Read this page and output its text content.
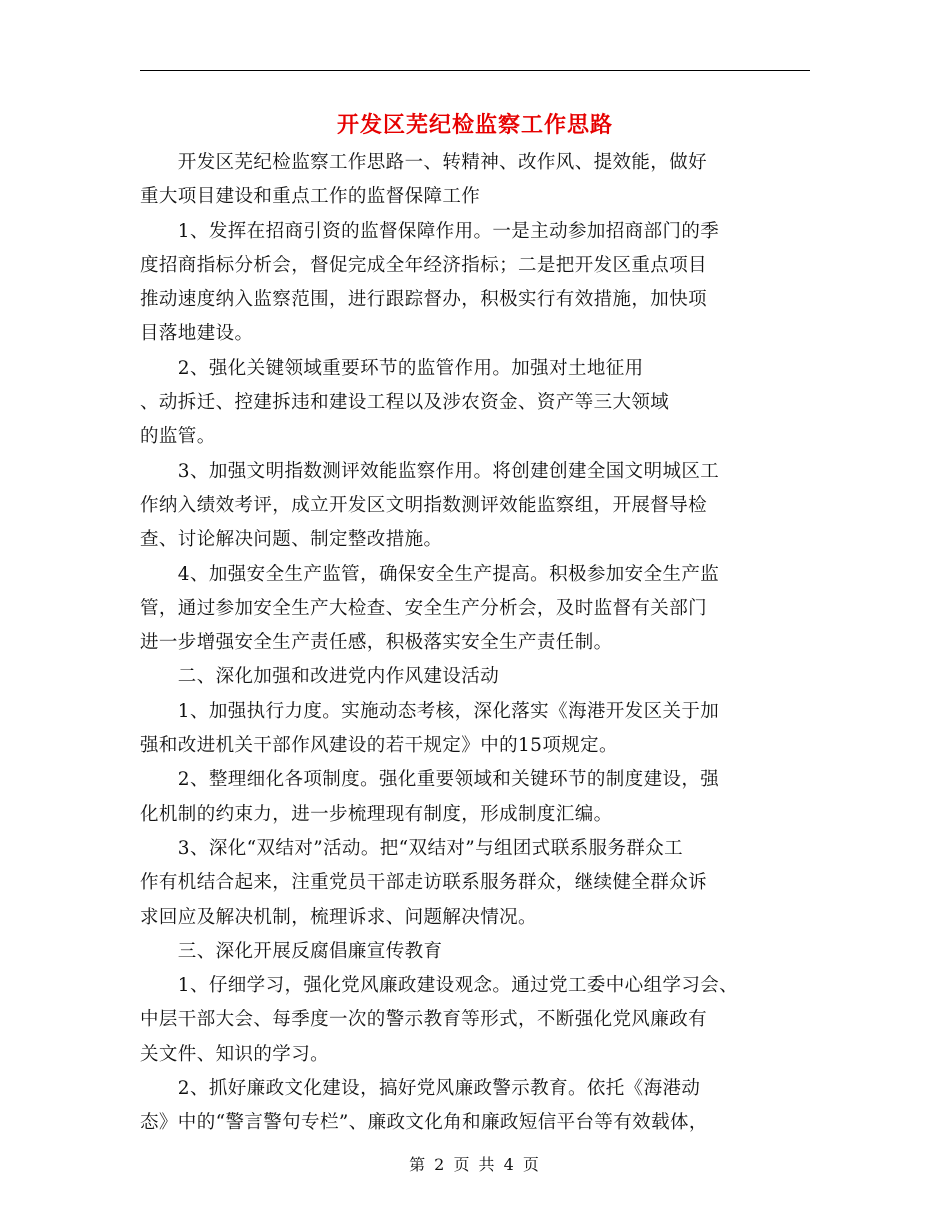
开发区芜纪检监察工作思路
　　开发区芜纪检监察工作思路一、转精神、改作风、提效能，做好
重大项目建设和重点工作的监督保障工作
　　1、发挥在招商引资的监督保障作用。一是主动参加招商部门的季
度招商指标分析会，督促完成全年经济指标；二是把开发区重点项目
推动速度纳入监察范围，进行跟踪督办，积极实行有效措施，加快项
目落地建设。
　　2、强化关键领域重要环节的监管作用。加强对土地征用
、动拆迁、控建拆违和建设工程以及涉农资金、资产等三大领域
的监管。
　　3、加强文明指数测评效能监察作用。将创建创建全国文明城区工
作纳入绩效考评，成立开发区文明指数测评效能监察组，开展督导检
查、讨论解决问题、制定整改措施。
　　4、加强安全生产监管，确保安全生产提高。积极参加安全生产监
管，通过参加安全生产大检查、安全生产分析会，及时监督有关部门
进一步增强安全生产责任感，积极落实安全生产责任制。
　　二、深化加强和改进党内作风建设活动
　　1、加强执行力度。实施动态考核，深化落实《海港开发区关于加
强和改进机关干部作风建设的若干规定》中的15项规定。
　　2、整理细化各项制度。强化重要领域和关键环节的制度建设，强
化机制的约束力，进一步梳理现有制度，形成制度汇编。
　　3、深化“双结对”活动。把“双结对”与组团式联系服务群众工
作有机结合起来，注重党员干部走访联系服务群众，继续健全群众诉
求回应及解决机制，梳理诉求、问题解决情况。
　　三、深化开展反腐倡廉宣传教育
　　1、仔细学习，强化党风廉政建设观念。通过党工委中心组学习会、
中层干部大会、每季度一次的警示教育等形式，不断强化党风廉政有
关文件、知识的学习。
　　2、抓好廉政文化建设，搞好党风廉政警示教育。依托《海港动
态》中的“警言警句专栏”、廉政文化角和廉政短信平台等有效载体，
第 2 页 共 4 页
